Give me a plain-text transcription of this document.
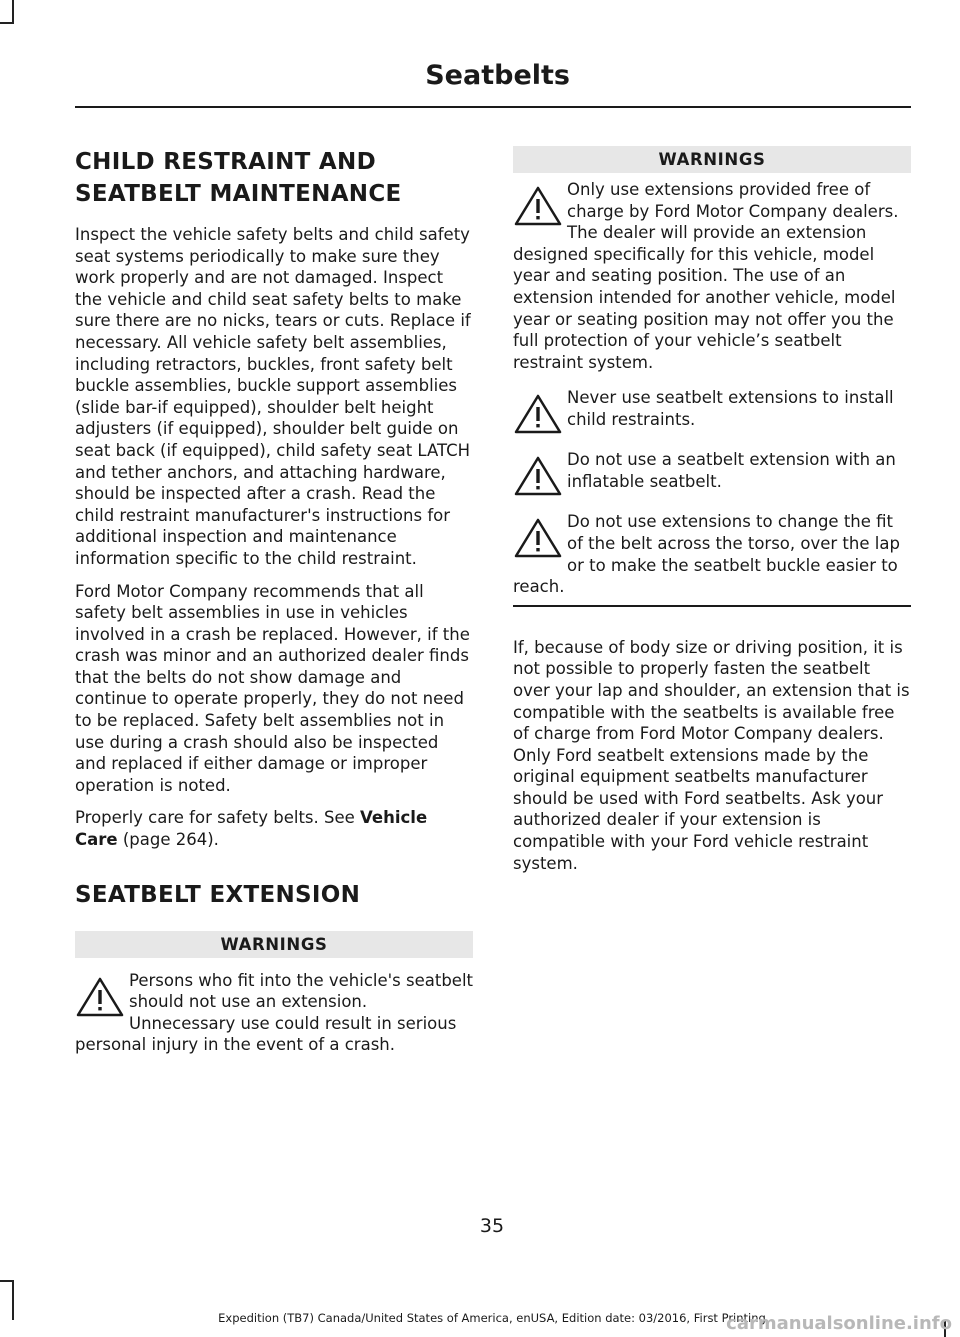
Seatbelts
CHILD RESTRAINT AND
SEATBELT MAINTENANCE

Inspect the vehicle safety belts and child safety seat systems periodically to make sure they work properly and are not damaged. Inspect the vehicle and child seat safety belts to make sure there are no nicks, tears or cuts. Replace if necessary. All vehicle safety belt assemblies, including retractors, buckles, front safety belt buckle assemblies, buckle support assemblies (slide bar-if equipped), shoulder belt height adjusters (if equipped), shoulder belt guide on seat back (if equipped), child safety seat LATCH and tether anchors, and attaching hardware, should be inspected after a crash. Read the child restraint manufacturer's instructions for additional inspection and maintenance information specific to the child restraint.

Ford Motor Company recommends that all safety belt assemblies in use in vehicles involved in a crash be replaced. However, if the crash was minor and an authorized dealer finds that the belts do not show damage and continue to operate properly, they do not need to be replaced. Safety belt assemblies not in use during a crash should also be inspected and replaced if either damage or improper operation is noted.

Properly care for safety belts. See Vehicle Care (page 264).

SEATBELT EXTENSION
WARNINGS
Persons who fit into the vehicle's seatbelt should not use an extension. Unnecessary use could result in serious personal injury in the event of a crash.
WARNINGS
Only use extensions provided free of charge by Ford Motor Company dealers. The dealer will provide an extension designed specifically for this vehicle, model year and seating position. The use of an extension intended for another vehicle, model year or seating position may not offer you the full protection of your vehicle’s seatbelt restraint system.
Never use seatbelt extensions to install child restraints.
Do not use a seatbelt extension with an inflatable seatbelt.
Do not use extensions to change the fit of the belt across the torso, over the lap or to make the seatbelt buckle easier to reach.

If, because of body size or driving position, it is not possible to properly fasten the seatbelt over your lap and shoulder, an extension that is compatible with the seatbelts is available free of charge from Ford Motor Company dealers. Only Ford seatbelt extensions made by the original equipment seatbelts manufacturer should be used with Ford seatbelts. Ask your authorized dealer if your extension is compatible with your Ford vehicle restraint system.

35
Expedition (TB7) Canada/United States of America, enUSA, Edition date: 03/2016, First Printing
carmanualsonline.info
